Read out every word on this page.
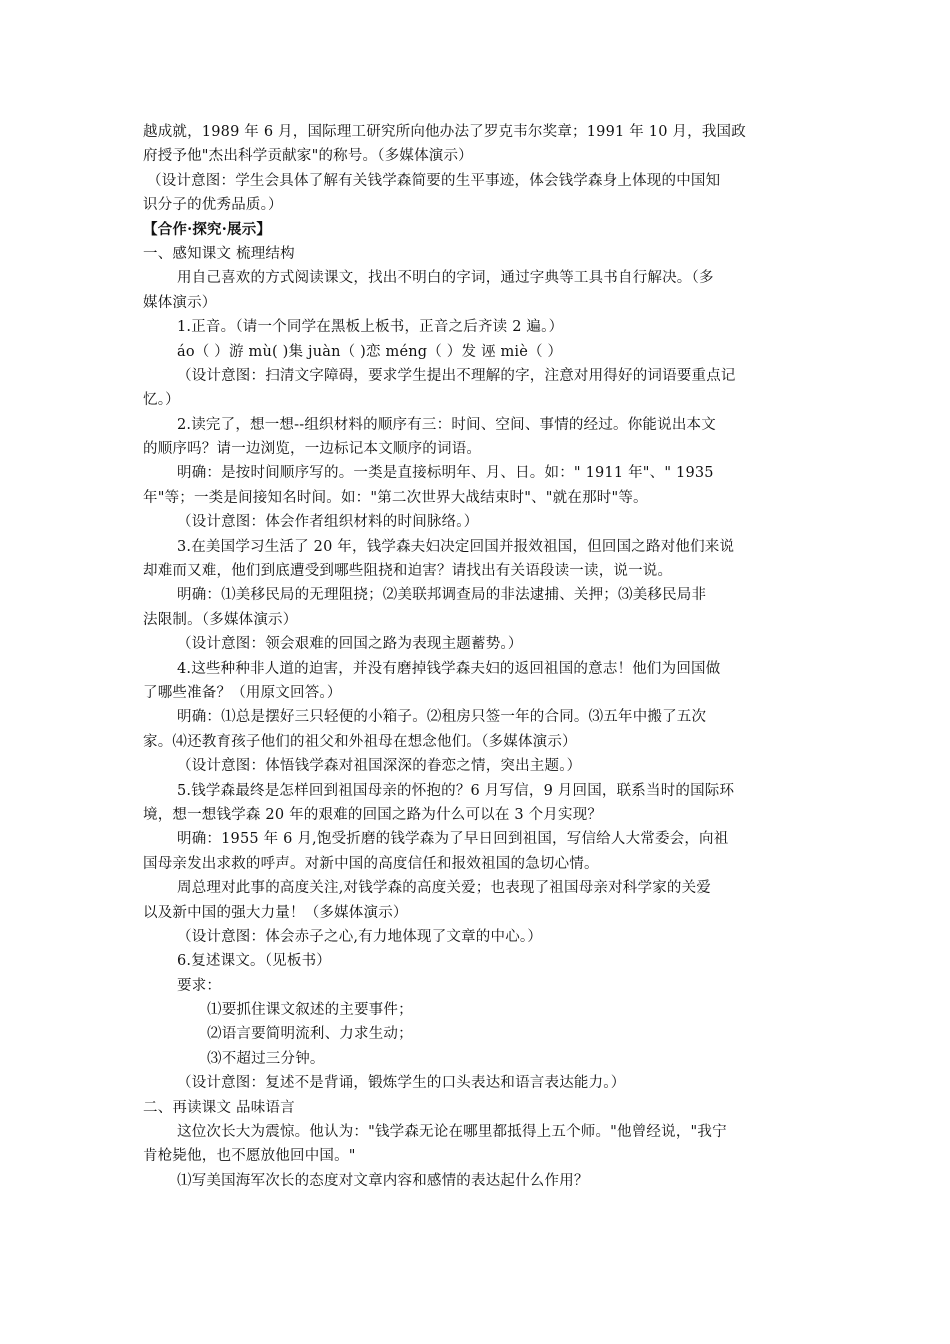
越成就，1989 年 6 月，国际理工研究所向他办法了罗克韦尔奖章；1991 年 10 月，我国政
府授予他"杰出科学贡献家"的称号。（多媒体演示）
（设计意图：学生会具体了解有关钱学森简要的生平事迹，体会钱学森身上体现的中国知
识分子的优秀品质。）
【合作·探究·展示】
一、感知课文 梳理结构
用自己喜欢的方式阅读课文，找出不明白的字词，通过字典等工具书自行解决。（多
媒体演示）
1.正音。（请一个同学在黑板上板书，正音之后齐读 2 遍。）
áo（ ）游 mù( )集 juàn（ )恋 méng（ ）发 诬 miè（ ）
（设计意图：扫清文字障碍，要求学生提出不理解的字，注意对用得好的词语要重点记
忆。）
2.读完了，想一想--组织材料的顺序有三：时间、空间、事情的经过。你能说出本文
的顺序吗？请一边浏览，一边标记本文顺序的词语。
明确：是按时间顺序写的。一类是直接标明年、月、日。如：" 1911 年"、" 1935
年"等；一类是间接知名时间。如："第二次世界大战结束时"、"就在那时"等。
（设计意图：体会作者组织材料的时间脉络。）
3.在美国学习生活了 20 年，钱学森夫妇决定回国并报效祖国，但回国之路对他们来说
却难而又难，他们到底遭受到哪些阻挠和迫害？请找出有关语段读一读，说一说。
明确：⑴美移民局的无理阻挠；⑵美联邦调查局的非法逮捕、关押；⑶美移民局非
法限制。（多媒体演示）
（设计意图：领会艰难的回国之路为表现主题蓄势。）
4.这些种种非人道的迫害，并没有磨掉钱学森夫妇的返回祖国的意志！他们为回国做
了哪些准备？（用原文回答。）
明确：⑴总是摆好三只轻便的小箱子。⑵租房只签一年的合同。⑶五年中搬了五次
家。⑷还教育孩子他们的祖父和外祖母在想念他们。（多媒体演示）
（设计意图：体悟钱学森对祖国深深的眷恋之情，突出主题。）
5.钱学森最终是怎样回到祖国母亲的怀抱的？6 月写信，9 月回国，联系当时的国际环
境，想一想钱学森 20 年的艰难的回国之路为什么可以在 3 个月实现？
明确：1955 年 6 月,饱受折磨的钱学森为了早日回到祖国，写信给人大常委会，向祖
国母亲发出求救的呼声。对新中国的高度信任和报效祖国的急切心情。
周总理对此事的高度关注,对钱学森的高度关爱；也表现了祖国母亲对科学家的关爱
以及新中国的强大力量！（多媒体演示）
（设计意图：体会赤子之心,有力地体现了文章的中心。）
6.复述课文。（见板书）
要求：
⑴要抓住课文叙述的主要事件；
⑵语言要简明流利、力求生动；
⑶不超过三分钟。
（设计意图：复述不是背诵，锻炼学生的口头表达和语言表达能力。）
二、再读课文 品味语言
这位次长大为震惊。他认为："钱学森无论在哪里都抵得上五个师。"他曾经说，"我宁
肯枪毙他，也不愿放他回中国。"
⑴写美国海军次长的态度对文章内容和感情的表达起什么作用？
